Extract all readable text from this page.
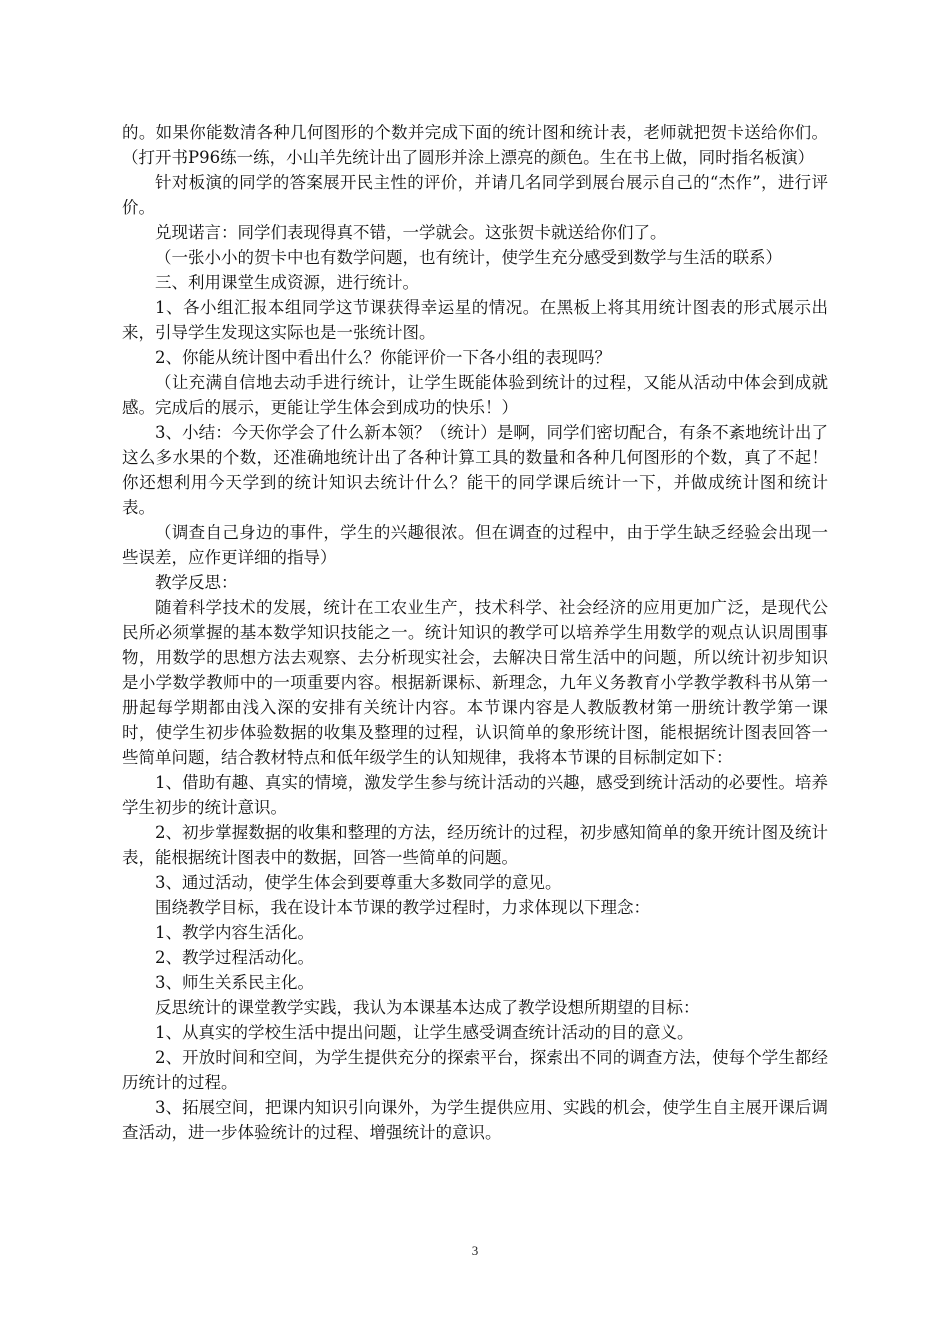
的。如果你能数清各种几何图形的个数并完成下面的统计图和统计表，老师就把贺卡送给你们。（打开书P96练一练，小山羊先统计出了圆形并涂上漂亮的颜色。生在书上做，同时指名板演）

针对板演的同学的答案展开民主性的评价，并请几名同学到展台展示自己的“杰作”，进行评价。

兑现诺言：同学们表现得真不错，一学就会。这张贺卡就送给你们了。

（一张小小的贺卡中也有数学问题，也有统计，使学生充分感受到数学与生活的联系）

三、利用课堂生成资源，进行统计。

1、各小组汇报本组同学这节课获得幸运星的情况。在黑板上将其用统计图表的形式展示出来，引导学生发现这实际也是一张统计图。

2、你能从统计图中看出什么？你能评价一下各小组的表现吗？

（让充满自信地去动手进行统计，让学生既能体验到统计的过程，又能从活动中体会到成就感。完成后的展示，更能让学生体会到成功的快乐！）

3、小结：今天你学会了什么新本领？（统计）是啊，同学们密切配合，有条不紊地统计出了这么多水果的个数，还准确地统计出了各种计算工具的数量和各种几何图形的个数，真了不起！你还想利用今天学到的统计知识去统计什么？能干的同学课后统计一下，并做成统计图和统计表。

（调查自己身边的事件，学生的兴趣很浓。但在调查的过程中，由于学生缺乏经验会出现一些误差，应作更详细的指导）

教学反思：

随着科学技术的发展，统计在工农业生产，技术科学、社会经济的应用更加广泛，是现代公民所必须掌握的基本数学知识技能之一。统计知识的教学可以培养学生用数学的观点认识周围事物，用数学的思想方法去观察、去分析现实社会，去解决日常生活中的问题，所以统计初步知识是小学数学教师中的一项重要内容。根据新课标、新理念，九年义务教育小学教学教科书从第一册起每学期都由浅入深的安排有关统计内容。本节课内容是人教版教材第一册统计教学第一课时，使学生初步体验数据的收集及整理的过程，认识简单的象形统计图，能根据统计图表回答一些简单问题，结合教材特点和低年级学生的认知规律，我将本节课的目标制定如下：

1、借助有趣、真实的情境，激发学生参与统计活动的兴趣，感受到统计活动的必要性。培养学生初步的统计意识。

2、初步掌握数据的收集和整理的方法，经历统计的过程，初步感知简单的象开统计图及统计表，能根据统计图表中的数据，回答一些简单的问题。

3、通过活动，使学生体会到要尊重大多数同学的意见。

围绕教学目标，我在设计本节课的教学过程时，力求体现以下理念：

1、教学内容生活化。

2、教学过程活动化。

3、师生关系民主化。

反思统计的课堂教学实践，我认为本课基本达成了教学设想所期望的目标：

1、从真实的学校生活中提出问题，让学生感受调查统计活动的目的意义。

2、开放时间和空间，为学生提供充分的探索平台，探索出不同的调查方法，使每个学生都经历统计的过程。

3、拓展空间，把课内知识引向课外，为学生提供应用、实践的机会，使学生自主展开课后调查活动，进一步体验统计的过程、增强统计的意识。

3
